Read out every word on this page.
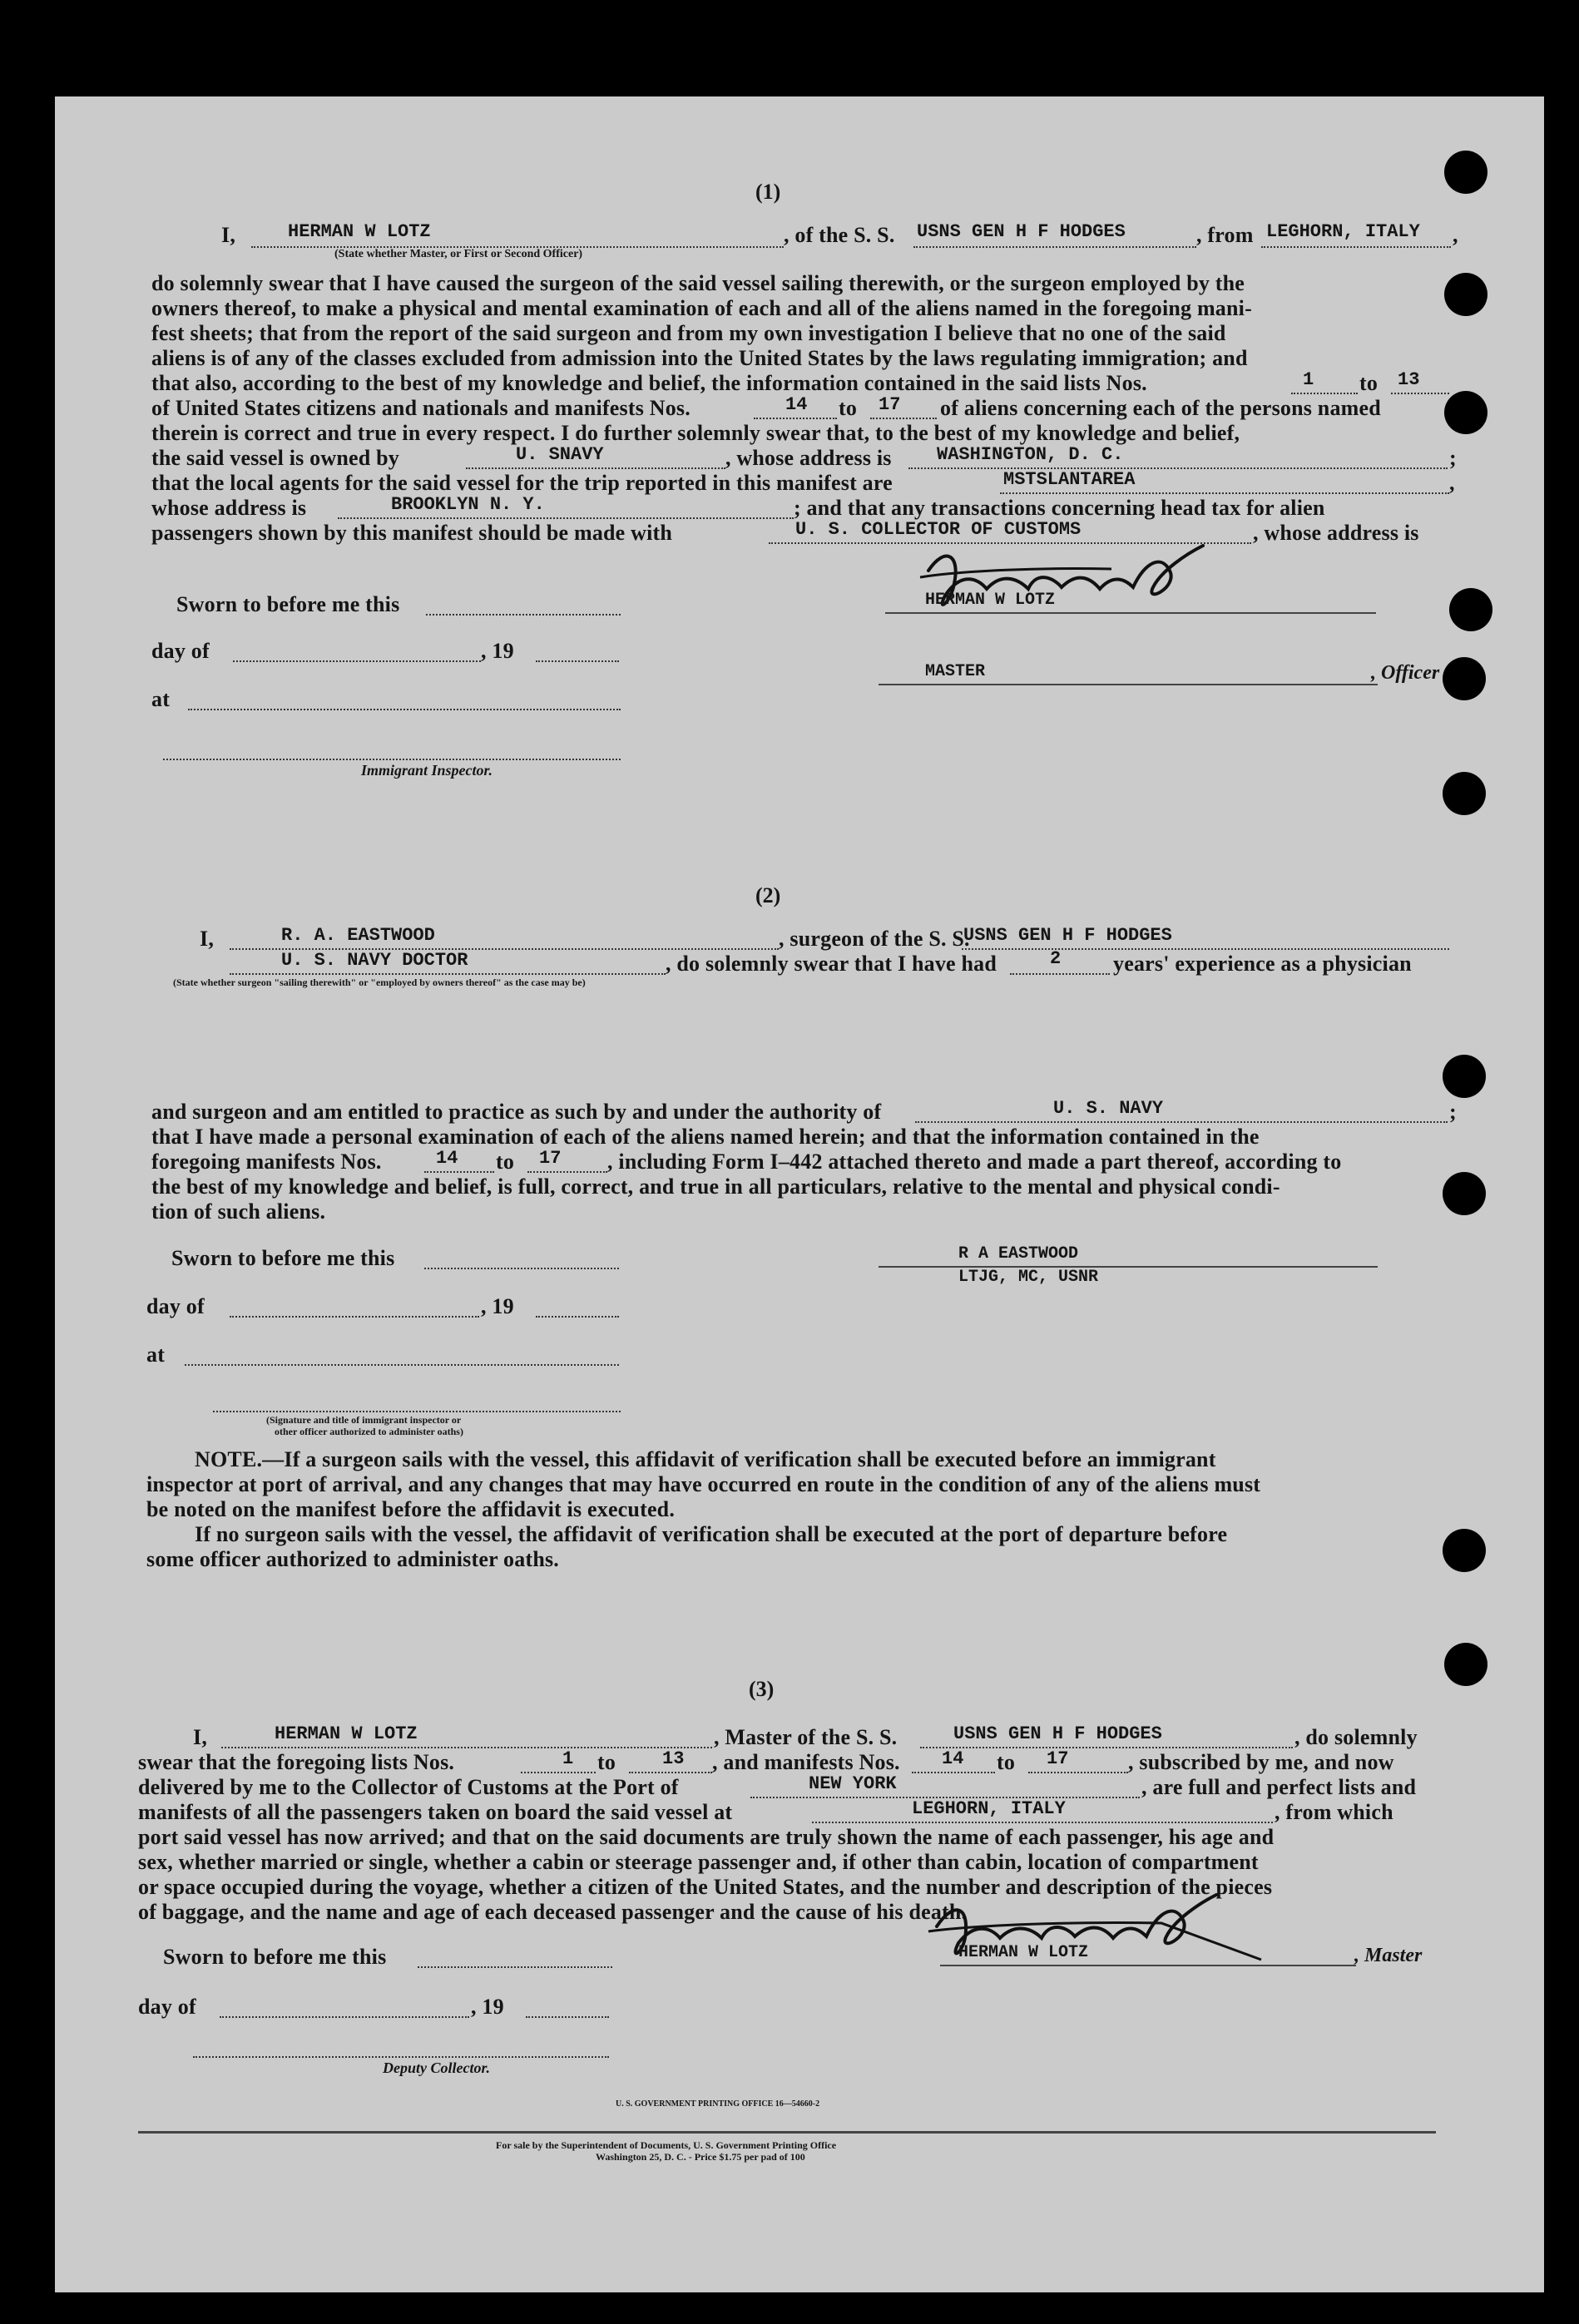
(1)
I,	HERMAN W LOTZ	, of the S. S. USNS GEN H F HODGES	, from LEGHORN, ITALY ,
(State whether Master, or First or Second Officer)
do solemnly swear that I have caused the surgeon of the said vessel sailing therewith, or the surgeon employed by the
owners thereof, to make a physical and mental examination of each and all of the aliens named in the foregoing mani-
fest sheets; that from the report of the said surgeon and from my own investigation I believe that no one of the said
aliens is of any of the classes excluded from admission into the United States by the laws regulating immigration; and
that also, according to the best of my knowledge and belief, the information contained in the said lists Nos.	1 to 13
of United States citizens and nationals and manifests Nos.	14 to 17 of aliens concerning each of the persons named
therein is correct and true in every respect. I do further solemnly swear that, to the best of my knowledge and belief,
the said vessel is owned by	U. SNAVY	, whose address is WASHINGTON, D. C.	;
that the local agents for the said vessel for the trip reported in this manifest are	MSTSLANTAREA	,
whose address is	BROOKLYN N. Y.	; and that any transactions concerning head tax for alien
passengers shown by this manifest should be made with	U. S. COLLECTOR OF CUSTOMS	, whose address is
Sworn to before me this	HERMAN W LOTZ
day of	, 19
MASTER	, Officer
at
Immigrant Inspector.
(2)
I,	R. A. EASTWOOD	, surgeon of the S. S.
USNS GEN H F HODGES
U. S. NAVY DOCTOR	, do solemnly swear that I have had	2 years' experience as a physician
(State whether surgeon "sailing therewith" or "employed by owners thereof" as the case may be)
and surgeon and am entitled to practice as such by and under the authority of	U. S. NAVY	;
that I have made a personal examination of each of the aliens named herein; and that the information contained in the
foregoing manifests Nos.	14 to 17 , including Form I–442 attached thereto and made a part thereof, according to
the best of my knowledge and belief, is full, correct, and true in all particulars, relative to the mental and physical condi-
tion of such aliens.
Sworn to before me this	R A EASTWOOD
LTJG, MC, USNR
day of	, 19
at
(Signature and title of immigrant inspector or
other officer authorized to administer oaths)
NOTE.—If a surgeon sails with the vessel, this affidavit of verification shall be executed before an immigrant
inspector at port of arrival, and any changes that may have occurred en route in the condition of any of the aliens must
be noted on the manifest before the affidavit is executed.
If no surgeon sails with the vessel, the affidavit of verification shall be executed at the port of departure before
some officer authorized to administer oaths.
(3)
I,	HERMAN W LOTZ	, Master of the S. S.	USNS GEN H F HODGES	, do solemnly
swear that the foregoing lists Nos.	1 to	13 , and manifests Nos. 14 to 17	, subscribed by me, and now
delivered by me to the Collector of Customs at the Port of	NEW YORK	, are full and perfect lists and
manifests of all the passengers taken on board the said vessel at	LEGHORN, ITALY	, from which
port said vessel has now arrived; and that on the said documents are truly shown the name of each passenger, his age and
sex, whether married or single, whether a cabin or steerage passenger and, if other than cabin, location of compartment
or space occupied during the voyage, whether a citizen of the United States, and the number and description of the pieces
of baggage, and the name and age of each deceased passenger and the cause of his death.
Sworn to before me this	HERMAN W LOTZ	, Master
day of	, 19
Deputy Collector.
U. S. GOVERNMENT PRINTING OFFICE 16—54660-2
For sale by the Superintendent of Documents, U. S. Government Printing Office
Washington 25, D. C. - Price $1.75 per pad of 100
